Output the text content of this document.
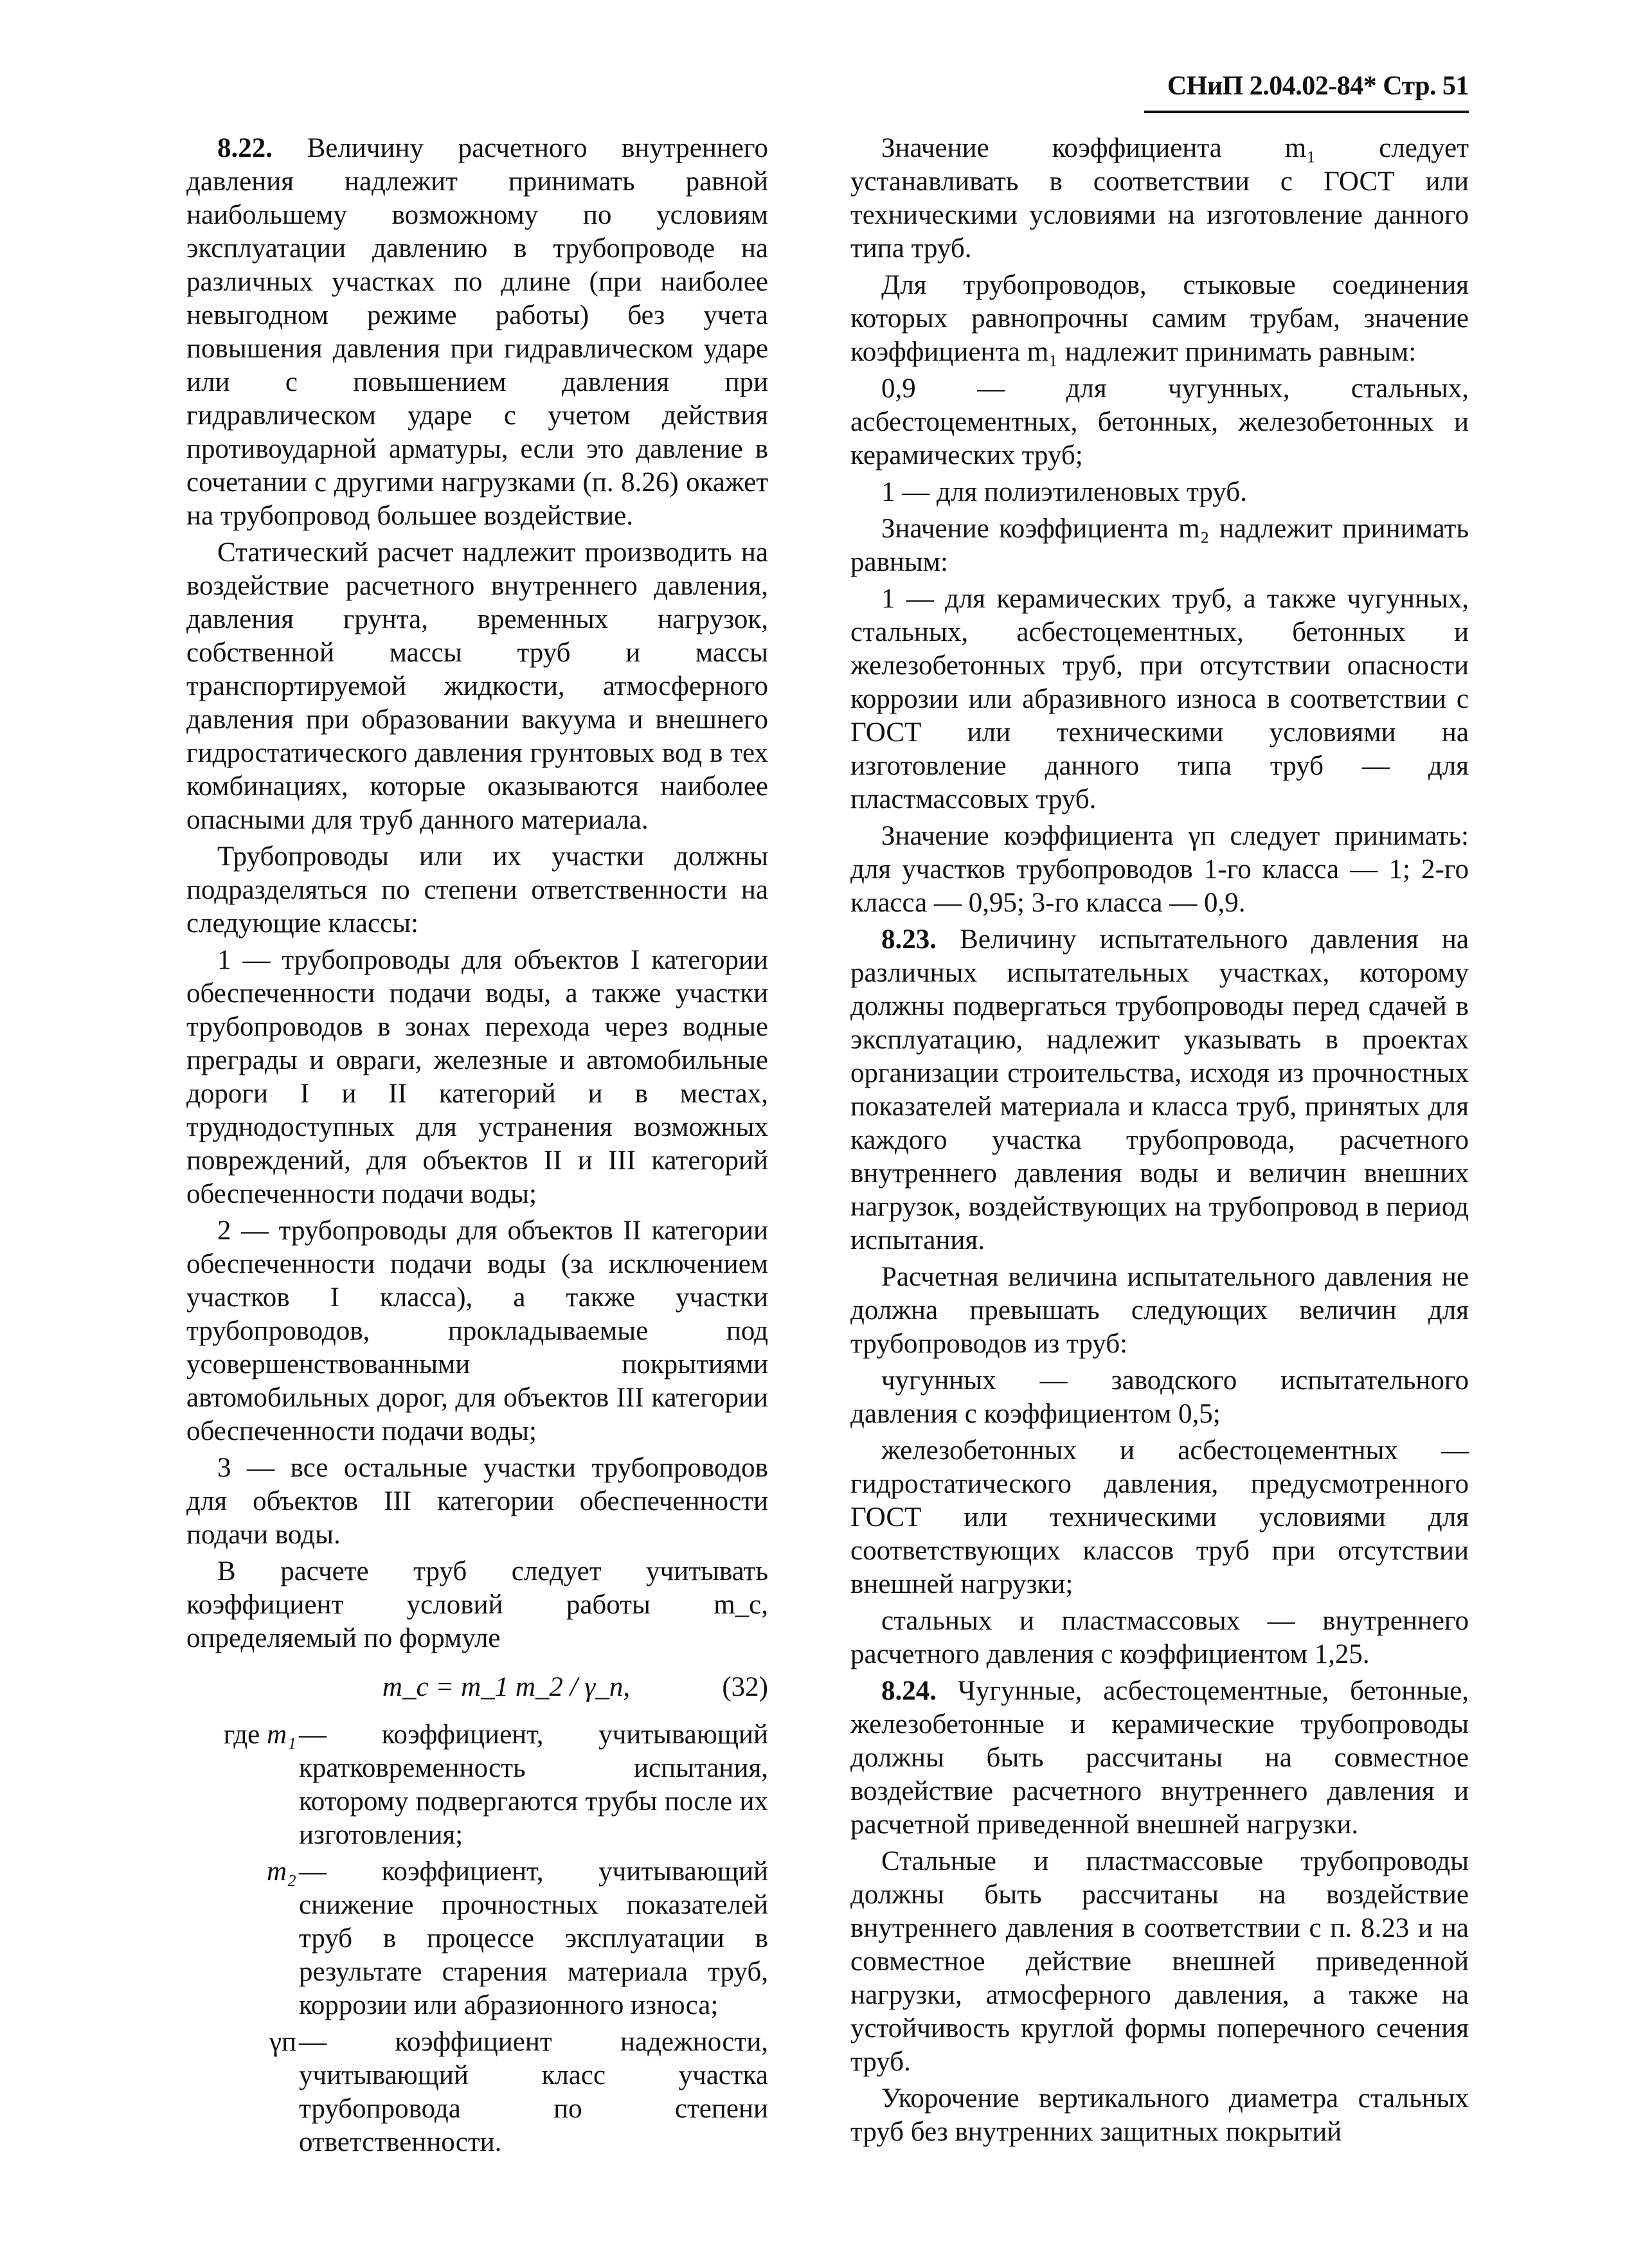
СНиП 2.04.02-84* Стр. 51

8.22. Величину расчетного внутреннего давления надлежит принимать равной наибольшему возможному по условиям эксплуатации давлению в трубопроводе на различных участках по длине (при наиболее невыгодном режиме работы) без учета повышения давления при гидравлическом ударе или с повышением давления при гидравлическом ударе с учетом действия противоударной арматуры, если это давление в сочетании с другими нагрузками (п. 8.26) окажет на трубопровод большее воздействие.

Статический расчет надлежит производить на воздействие расчетного внутреннего давления, давления грунта, временных нагрузок, собственной массы труб и массы транспортируемой жидкости, атмосферного давления при образовании вакуума и внешнего гидростатического давления грунтовых вод в тех комбинациях, которые оказываются наиболее опасными для труб данного материала.

Трубопроводы или их участки должны подразделяться по степени ответственности на следующие классы:

1 — трубопроводы для объектов I категории обеспеченности подачи воды, а также участки трубопроводов в зонах перехода через водные преграды и овраги, железные и автомобильные дороги I и II категорий и в местах, труднодоступных для устранения возможных повреждений, для объектов II и III категорий обеспеченности подачи воды;

2 — трубопроводы для объектов II категории обеспеченности подачи воды (за исключением участков I класса), а также участки трубопроводов, прокладываемые под усовершенствованными покрытиями автомобильных дорог, для объектов III категории обеспеченности подачи воды;

3 — все остальные участки трубопроводов для объектов III категории обеспеченности подачи воды.

В расчете труб следует учитывать коэффициент условий работы m_c, определяемый по формуле

m_c = m_1 m_2 / γ_п,	(32)
где m₁ — коэффициент, учитывающий кратковременность испытания, которому подвергаются трубы после их изготовления;
m₂ — коэффициент, учитывающий снижение прочностных показателей труб в процессе эксплуатации в результате старения материала труб, коррозии или абразионного износа;
γп — коэффициент надежности, учитывающий класс участка трубопровода по степени ответственности.

Значение коэффициента m₁ следует устанавливать в соответствии с ГОСТ или техническими условиями на изготовление данного типа труб.

Для трубопроводов, стыковые соединения которых равнопрочны самим трубам, значение коэффициента m₁ надлежит принимать равным:

0,9 — для чугунных, стальных, асбестоцементных, бетонных, железобетонных и керамических труб;

1 — для полиэтиленовых труб.

Значение коэффициента m₂ надлежит принимать равным:

1 — для керамических труб, а также чугунных, стальных, асбестоцементных, бетонных и железобетонных труб, при отсутствии опасности коррозии или абразивного износа в соответствии с ГОСТ или техническими условиями на изготовление данного типа труб — для пластмассовых труб.

Значение коэффициента γп следует принимать: для участков трубопроводов 1-го класса — 1; 2-го класса — 0,95; 3-го класса — 0,9.

8.23. Величину испытательного давления на различных испытательных участках, которому должны подвергаться трубопроводы перед сдачей в эксплуатацию, надлежит указывать в проектах организации строительства, исходя из прочностных показателей материала и класса труб, принятых для каждого участка трубопровода, расчетного внутреннего давления воды и величин внешних нагрузок, воздействующих на трубопровод в период испытания.

Расчетная величина испытательного давления не должна превышать следующих величин для трубопроводов из труб:

чугунных — заводского испытательного давления с коэффициентом 0,5;

железобетонных и асбестоцементных — гидростатического давления, предусмотренного ГОСТ или техническими условиями для соответствующих классов труб при отсутствии внешней нагрузки;

стальных и пластмассовых — внутреннего расчетного давления с коэффициентом 1,25.

8.24. Чугунные, асбестоцементные, бетонные, железобетонные и керамические трубопроводы должны быть рассчитаны на совместное воздействие расчетного внутреннего давления и расчетной приведенной внешней нагрузки.

Стальные и пластмассовые трубопроводы должны быть рассчитаны на воздействие внутреннего давления в соответствии с п. 8.23 и на совместное действие внешней приведенной нагрузки, атмосферного давления, а также на устойчивость круглой формы поперечного сечения труб.

Укорочение вертикального диаметра стальных труб без внутренних защитных покрытий
